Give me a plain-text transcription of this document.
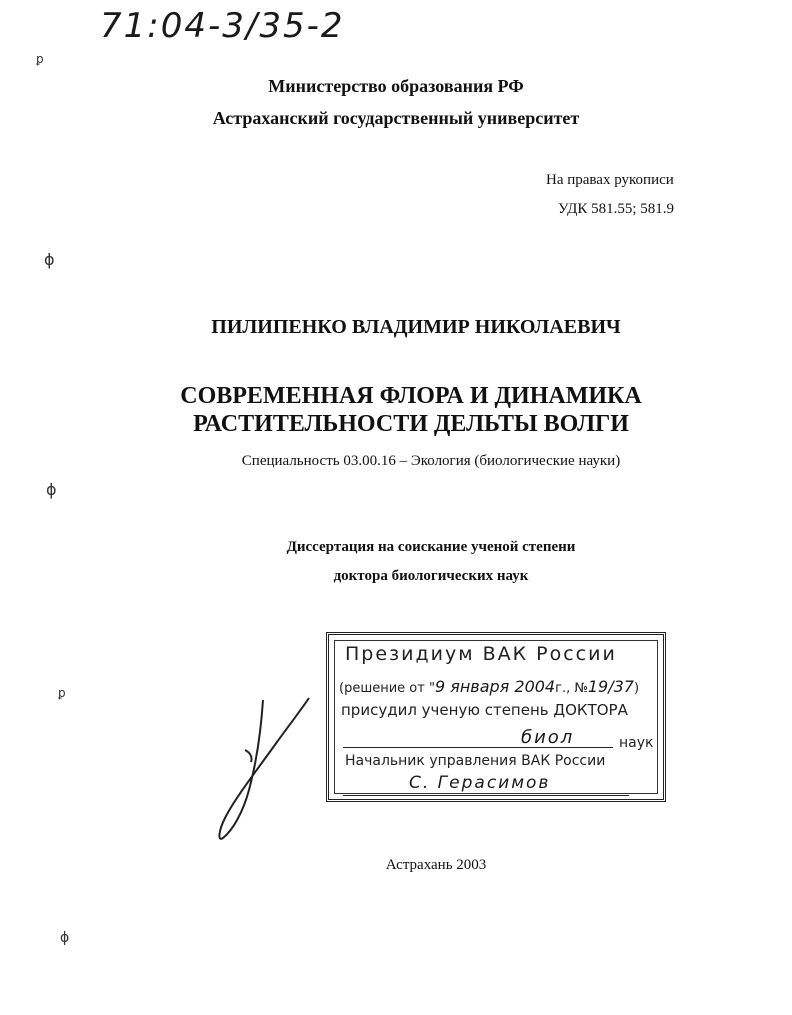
71:04-3/35-2
ꝑ
ɸ
ɸ
ꝑ
ɸ
Министерство образования РФ
Астраханский государственный университет
На правах рукописи
УДК 581.55; 581.9
ПИЛИПЕНКО ВЛАДИМИР НИКОЛАЕВИЧ
СОВРЕМЕННАЯ ФЛОРА И ДИНАМИКА
РАСТИТЕЛЬНОСТИ ДЕЛЬТЫ ВОЛГИ
Специальность 03.00.16 – Экология (биологические науки)
Диссертация на соискание ученой степени
доктора биологических наук
Президиум ВАК России
(решение от "9 января 2004г., №19/37)
присудил ученую степень ДОКТОРА
биол	наук
Начальник управления ВАК России
С. Герасимов
Астрахань 2003
